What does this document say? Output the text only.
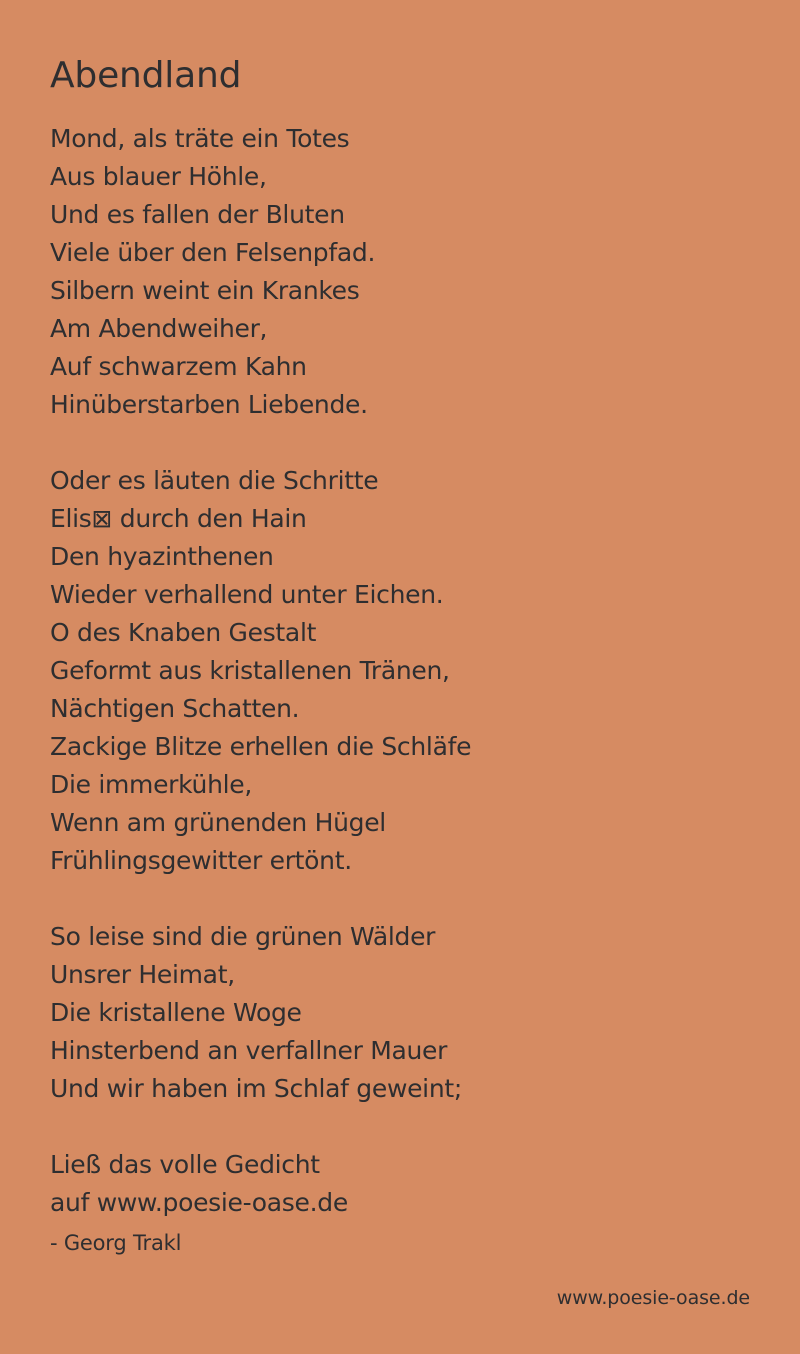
Abendland
Mond, als träte ein Totes
Aus blauer Höhle,
Und es fallen der Bluten
Viele über den Felsenpfad.
Silbern weint ein Krankes
Am Abendweiher,
Auf schwarzem Kahn
Hinüberstarben Liebende.
Oder es läuten die Schritte
Elis⊠ durch den Hain
Den hyazinthenen
Wieder verhallend unter Eichen.
O des Knaben Gestalt
Geformt aus kristallenen Tränen,
Nächtigen Schatten.
Zackige Blitze erhellen die Schläfe
Die immerkühle,
Wenn am grünenden Hügel
Frühlingsgewitter ertönt.
So leise sind die grünen Wälder
Unsrer Heimat,
Die kristallene Woge
Hinsterbend an verfallner Mauer
Und wir haben im Schlaf geweint;
Ließ das volle Gedicht
auf www.poesie-oase.de
- Georg Trakl
www.poesie-oase.de
